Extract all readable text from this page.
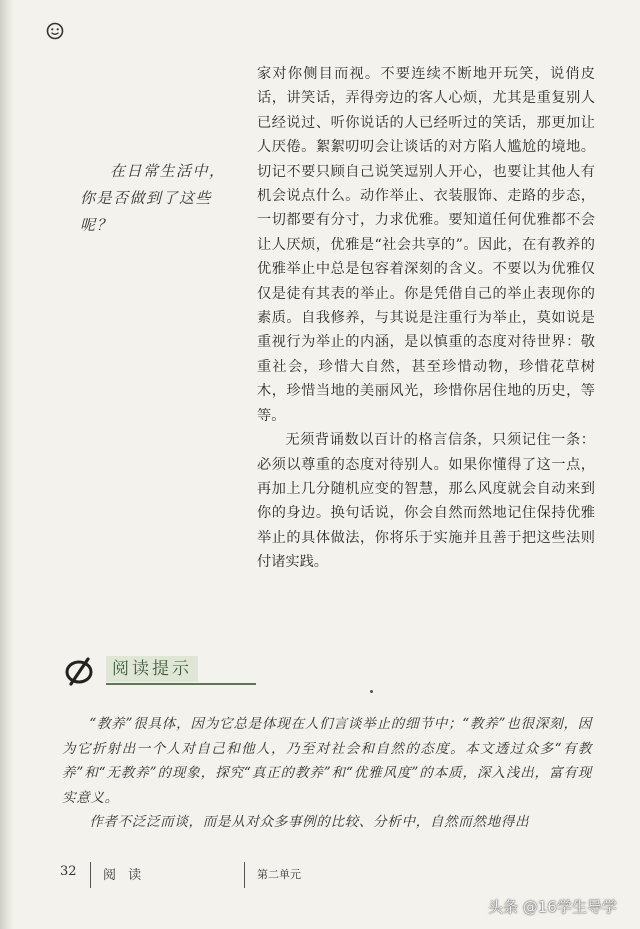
在日常生活中，你是否做到了这些呢？

家对你侧目而视。不要连续不断地开玩笑，说俏皮话，讲笑话，弄得旁边的客人心烦，尤其是重复别人已经说过、听你说话的人已经听过的笑话，那更加让人厌倦。絮絮叨叨会让谈话的对方陷人尴尬的境地。切记不要只顾自己说笑逗别人开心，也要让其他人有机会说点什么。动作举止、衣装服饰、走路的步态，一切都要有分寸，力求优雅。要知道任何优雅都不会让人厌烦，优雅是“社会共享的”。因此，在有教养的优雅举止中总是包容着深刻的含义。不要以为优雅仅仅是徒有其表的举止。你是凭借自己的举止表现你的素质。自我修养，与其说是注重行为举止，莫如说是重视行为举止的内涵，是以慎重的态度对待世界：敬重社会，珍惜大自然，甚至珍惜动物，珍惜花草树木，珍惜当地的美丽风光，珍惜你居住地的历史，等等。

无须背诵数以百计的格言信条，只须记住一条：必须以尊重的态度对待别人。如果你懂得了这一点，再加上几分随机应变的智慧，那么风度就会自动来到你的身边。换句话说，你会自然而然地记住保持优雅举止的具体做法，你将乐于实施并且善于把这些法则付诸实践。

阅读提示

“教养”很具体，因为它总是体现在人们言谈举止的细节中；“教养”也很深刻，因为它折射出一个人对自己和他人，乃至对社会和自然的态度。本文透过众多“有教养”和“无教养”的现象，探究“真正的教养”和“优雅风度”的本质，深入浅出，富有现实意义。

作者不泛泛而谈，而是从对众多事例的比较、分析中，自然而然地得出

32 阅 读	第二单元
头条 @16学生导学
